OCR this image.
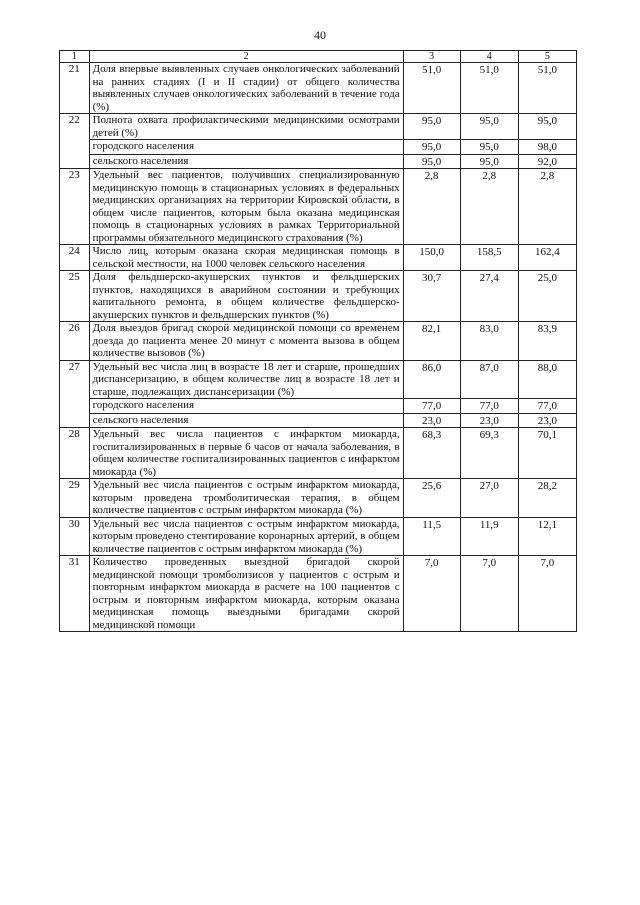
40
1	2	3	4	5
21	Доля впервые выявленных случаев онкологических заболеваний на ранних стадиях (I и II стадии) от общего количества выявленных случаев онкологических заболеваний в течение года (%)	51,0	51,0	51,0
22	Полнота охвата профилактическими медицинскими осмотрами детей (%)	95,0	95,0	95,0
	городского населения	95,0	95,0	98,0
	сельского населения	95,0	95,0	92,0
23	Удельный вес пациентов, получивших специализированную медицинскую помощь в стационарных условиях в федеральных медицинских организациях на территории Кировской области, в общем числе пациентов, которым была оказана медицинская помощь в стационарных условиях в рамках Территориальной программы обязательного медицинского страхования (%)	2,8	2,8	2,8
24	Число лиц, которым оказана скорая медицинская помощь в сельской местности, на 1000 человек сельского населения	150,0	158,5	162,4
25	Доля фельдшерско-акушерских пунктов и фельдшерских пунктов, находящихся в аварийном состоянии и требующих капитального ремонта, в общем количестве фельдшерско-акушерских пунктов и фельдшерских пунктов (%)	30,7	27,4	25,0
26	Доля выездов бригад скорой медицинской помощи со временем доезда до пациента менее 20 минут с момента вызова в общем количестве вызовов (%)	82,1	83,0	83,9
27	Удельный вес числа лиц в возрасте 18 лет и старше, прошедших диспансеризацию, в общем количестве лиц в возрасте 18 лет и старше, подлежащих диспансеризации (%)	86,0	87,0	88,0
	городского населения	77,0	77,0	77,0
	сельского населения	23,0	23,0	23,0
28	Удельный вес числа пациентов с инфарктом миокарда, госпитализированных в первые 6 часов от начала заболевания, в общем количестве госпитализированных пациентов с инфарктом миокарда (%)	68,3	69,3	70,1
29	Удельный вес числа пациентов с острым инфарктом миокарда, которым проведена тромболитическая терапия, в общем количестве пациентов с острым инфарктом миокарда (%)	25,6	27,0	28,2
30	Удельный вес числа пациентов с острым инфарктом миокарда, которым проведено стентирование коронарных артерий, в общем количестве пациентов с острым инфарктом миокарда (%)	11,5	11,9	12,1
31	Количество проведенных выездной бригадой скорой медицинской помощи тромболизисов у пациентов с острым и повторным инфарктом миокарда в расчете на 100 пациентов с острым и повторным инфарктом миокарда, которым оказана медицинская помощь выездными бригадами скорой медицинской помощи	7,0	7,0	7,0
